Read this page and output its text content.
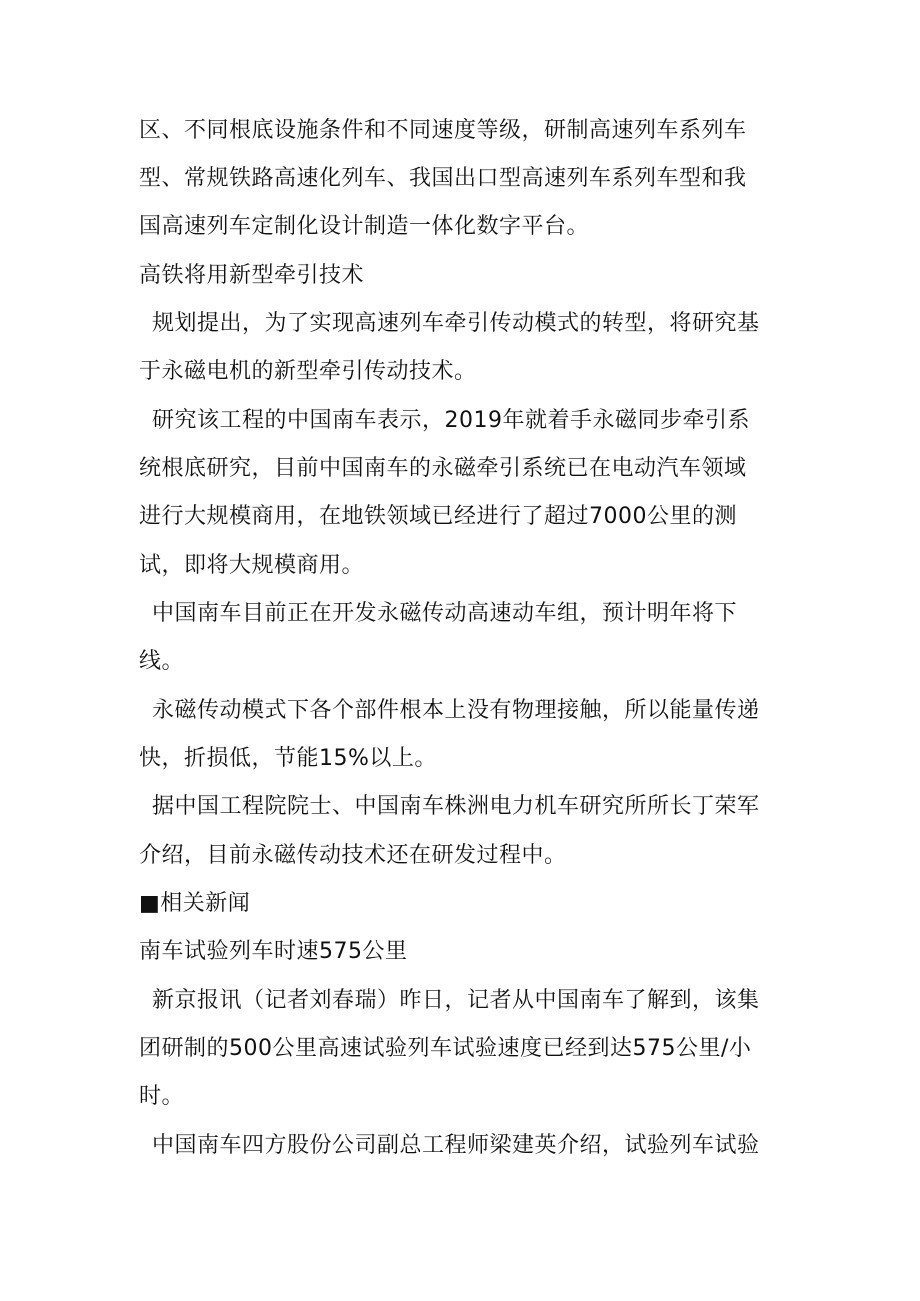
区、不同根底设施条件和不同速度等级，研制高速列车系列车
型、常规铁路高速化列车、我国出口型高速列车系列车型和我
国高速列车定制化设计制造一体化数字平台。
高铁将用新型牵引技术
规划提出，为了实现高速列车牵引传动模式的转型，将研究基
于永磁电机的新型牵引传动技术。
研究该工程的中国南车表示，2019年就着手永磁同步牵引系
统根底研究，目前中国南车的永磁牵引系统已在电动汽车领域
进行大规模商用，在地铁领域已经进行了超过7000公里的测
试，即将大规模商用。
中国南车目前正在开发永磁传动高速动车组，预计明年将下
线。
永磁传动模式下各个部件根本上没有物理接触，所以能量传递
快，折损低，节能15%以上。
据中国工程院院士、中国南车株洲电力机车研究所所长丁荣军
介绍，目前永磁传动技术还在研发过程中。
■相关新闻
南车试验列车时速575公里
新京报讯（记者刘春瑞）昨日，记者从中国南车了解到，该集
团研制的500公里高速试验列车试验速度已经到达575公里/小
时。
中国南车四方股份公司副总工程师梁建英介绍，试验列车试验
